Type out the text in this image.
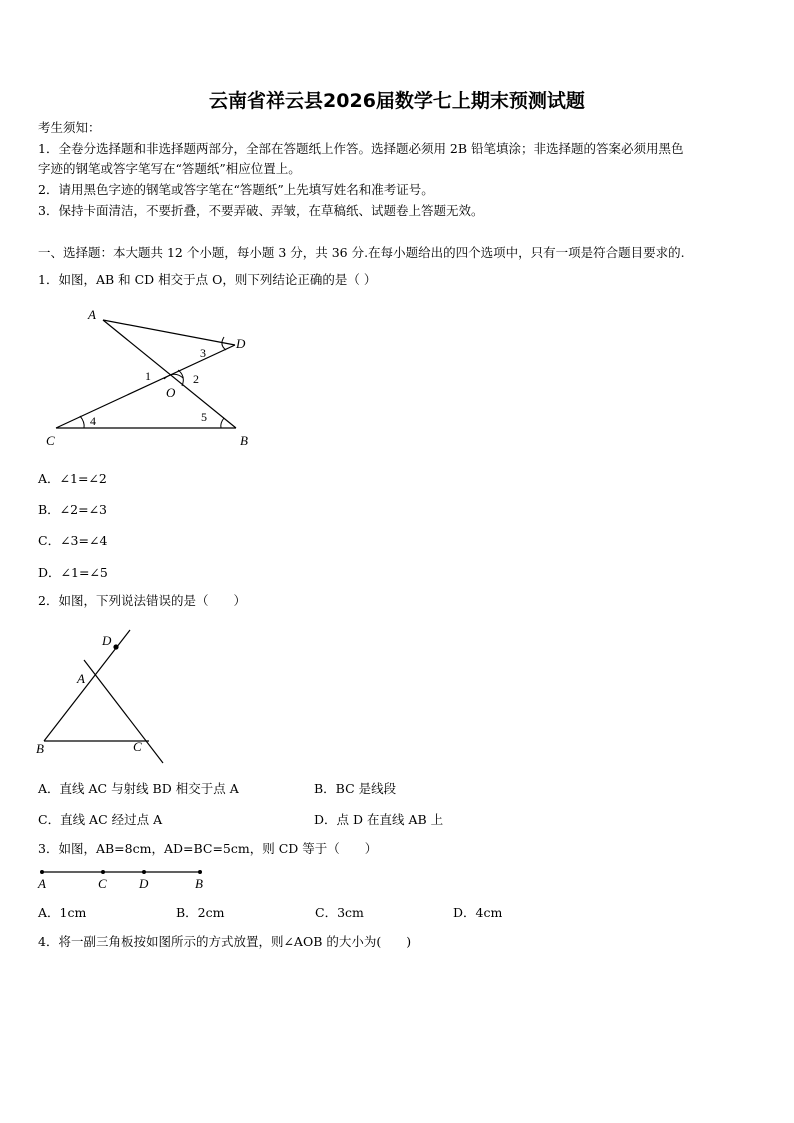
云南省祥云县2026届数学七上期末预测试题
考生须知：
1．全卷分选择题和非选择题两部分，全部在答题纸上作答。选择题必须用 2B 铅笔填涂；非选择题的答案必须用黑色
字迹的钢笔或答字笔写在“答题纸”相应位置上。
2．请用黑色字迹的钢笔或答字笔在“答题纸”上先填写姓名和准考证号。
3．保持卡面清洁，不要折叠，不要弄破、弄皱，在草稿纸、试题卷上答题无效。
一、选择题：本大题共 12 个小题，每小题 3 分，共 36 分.在每小题给出的四个选项中，只有一项是符合题目要求的.
1．如图，AB 和 CD 相交于点 O，则下列结论正确的是（ ）
A
D
C	B
O
3
1	2
4	5
A．∠1=∠2
B．∠2=∠3
C．∠3=∠4
D．∠1=∠5
2．如图，下列说法错误的是（　　）
D
A
B	C
A．直线 AC 与射线 BD 相交于点 A	B．BC 是线段
C．直线 AC 经过点 A	D．点 D 在直线 AB 上
3．如图，AB=8cm，AD=BC=5cm，则 CD 等于（　　）
A	C D	B
A．1cm	B．2cm	C．3cm	D．4cm
4．将一副三角板按如图所示的方式放置，则∠AOB 的大小为(　　)
